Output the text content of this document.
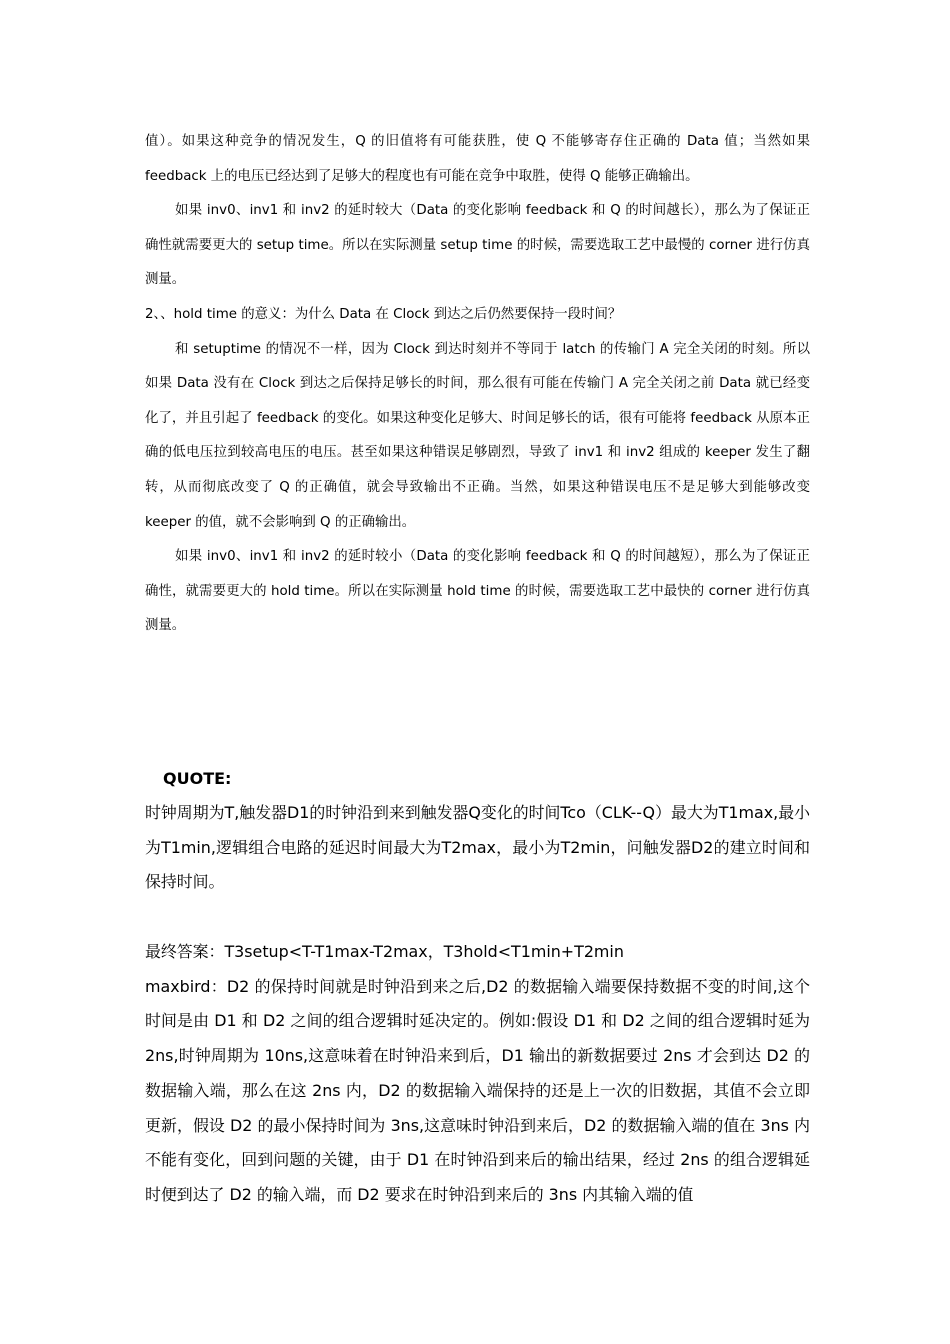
值）。如果这种竞争的情况发生，Q 的旧值将有可能获胜，使 Q 不能够寄存住正确的 Data 值；当然如果 feedback 上的电压已经达到了足够大的程度也有可能在竞争中取胜，使得 Q 能够正确输出。

如果 inv0、inv1 和 inv2 的延时较大（Data 的变化影响 feedback 和 Q 的时间越长），那么为了保证正确性就需要更大的 setup time。所以在实际测量 setup time 的时候，需要选取工艺中最慢的 corner 进行仿真测量。

2、、hold time 的意义：为什么 Data 在 Clock 到达之后仍然要保持一段时间？

和 setuptime 的情况不一样，因为 Clock 到达时刻并不等同于 latch 的传输门 A 完全关闭的时刻。所以如果 Data 没有在 Clock 到达之后保持足够长的时间，那么很有可能在传输门 A 完全关闭之前 Data 就已经变化了，并且引起了 feedback 的变化。如果这种变化足够大、时间足够长的话，很有可能将 feedback 从原本正确的低电压拉到较高电压的电压。甚至如果这种错误足够剧烈，导致了 inv1 和 inv2 组成的 keeper 发生了翻转，从而彻底改变了 Q 的正确值，就会导致输出不正确。当然，如果这种错误电压不是足够大到能够改变 keeper 的值，就不会影响到 Q 的正确输出。

如果 inv0、inv1 和 inv2 的延时较小（Data 的变化影响 feedback 和 Q 的时间越短），那么为了保证正确性，就需要更大的 hold time。所以在实际测量 hold time 的时候，需要选取工艺中最快的 corner 进行仿真测量。

QUOTE:

时钟周期为T,触发器D1的时钟沿到来到触发器Q变化的时间Tco（CLK--Q）最大为T1max,最小为T1min,逻辑组合电路的延迟时间最大为T2max，最小为T2min，问触发器D2的建立时间和保持时间。

最终答案：T3setup<T-T1max-T2max，T3hold<T1min+T2min

maxbird：D2 的保持时间就是时钟沿到来之后,D2 的数据输入端要保持数据不变的时间,这个时间是由 D1 和 D2 之间的组合逻辑时延决定的。例如:假设 D1 和 D2 之间的组合逻辑时延为 2ns,时钟周期为 10ns,这意味着在时钟沿来到后，D1 输出的新数据要过 2ns 才会到达 D2 的数据输入端，那么在这 2ns 内，D2 的数据输入端保持的还是上一次的旧数据，其值不会立即更新，假设 D2 的最小保持时间为 3ns,这意味时钟沿到来后，D2 的数据输入端的值在 3ns 内不能有变化，回到问题的关键，由于 D1 在时钟沿到来后的输出结果，经过 2ns 的组合逻辑延时便到达了 D2 的输入端，而 D2 要求在时钟沿到来后的 3ns 内其输入端的值
